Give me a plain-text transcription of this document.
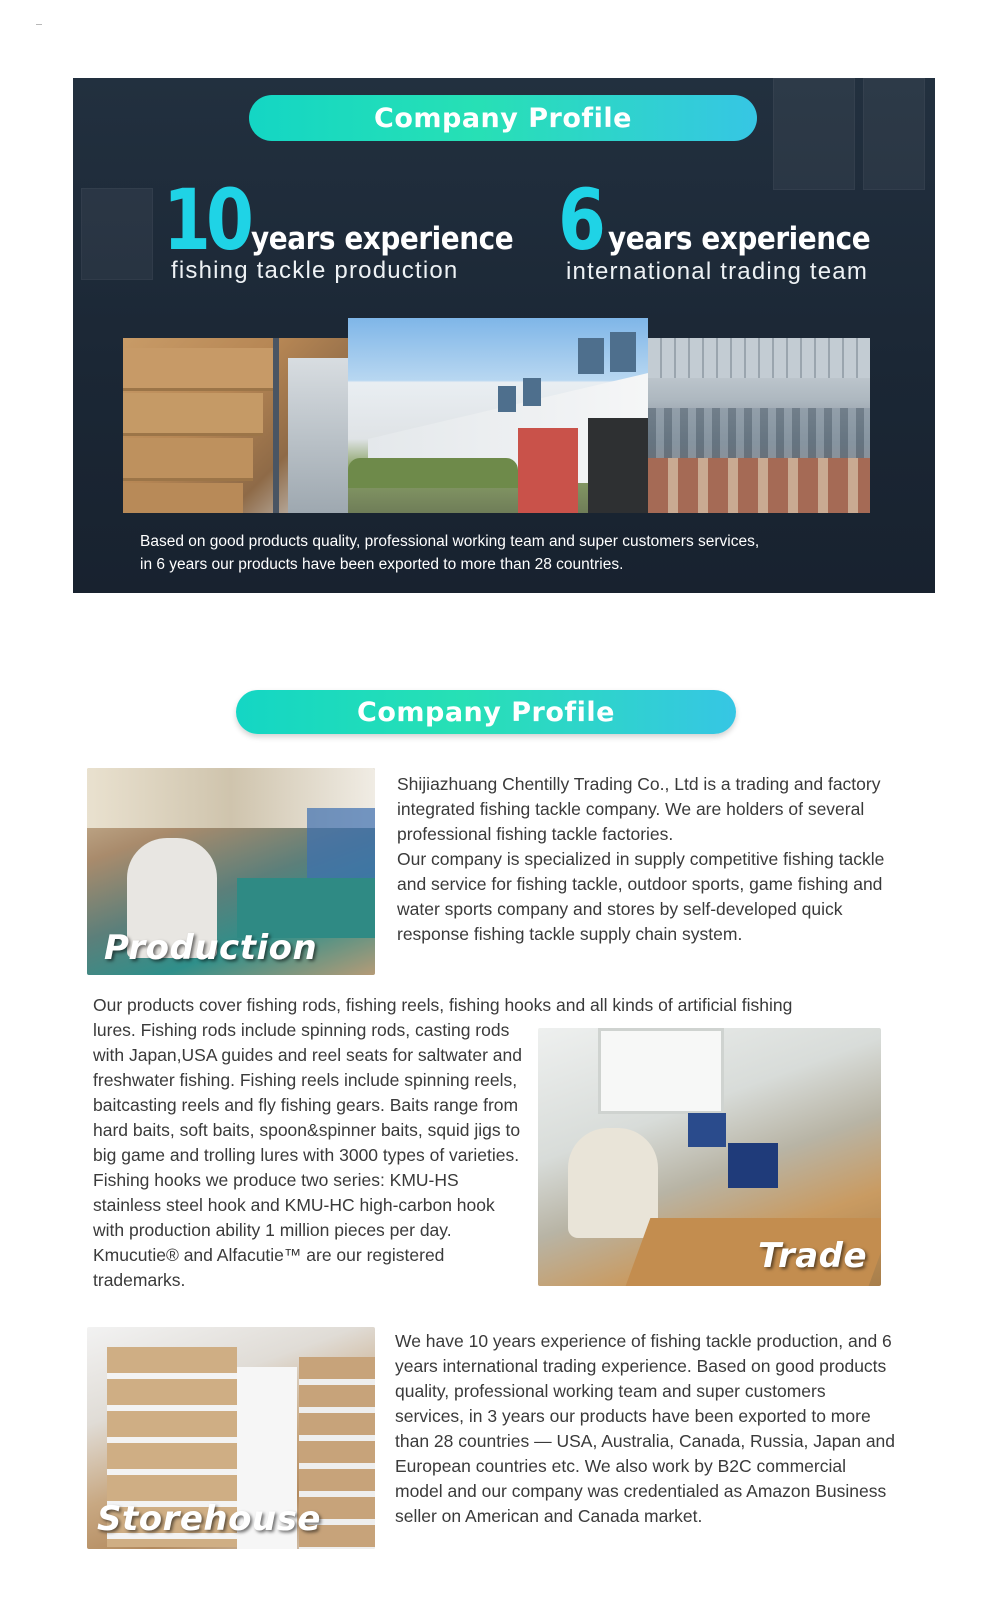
Company Profile
10 years experience
fishing tackle production
6 years experience
international trading team
Based on good products quality, professional working team and super customers services,
in 6 years our products have been exported to more than 28 countries.
Company Profile
Production

Shijiazhuang Chentilly Trading Co., Ltd is a trading and factory integrated fishing tackle company. We are holders of several professional fishing tackle factories.

Our company is specialized in supply competitive fishing tackle and service for fishing tackle, outdoor sports, game fishing and water sports company and stores by self-developed quick response fishing tackle supply chain system.

Our products cover fishing rods, fishing reels, fishing hooks and all kinds of artificial fishing
lures. Fishing rods include spinning rods, casting rods with Japan,USA guides and reel seats for saltwater and freshwater fishing. Fishing reels include spinning reels, baitcasting reels and fly fishing gears. Baits range from hard baits, soft baits, spoon&spinner baits, squid jigs to big game and trolling lures with 3000 types of varieties. Fishing hooks we produce two series: KMU-HS stainless steel hook and KMU-HC high-carbon hook with production ability 1 million pieces per day. Kmucutie® and Alfacutie™ are our registered trademarks.
Trade
Storehouse
We have 10 years experience of fishing tackle production, and 6 years international trading experience. Based on good products quality, professional working team and super customers services, in 3 years our products have been exported to more than 28 countries — USA, Australia, Canada, Russia, Japan and European countries etc. We also work by B2C commercial model and our company was credentialed as Amazon Business seller on American and Canada market.
